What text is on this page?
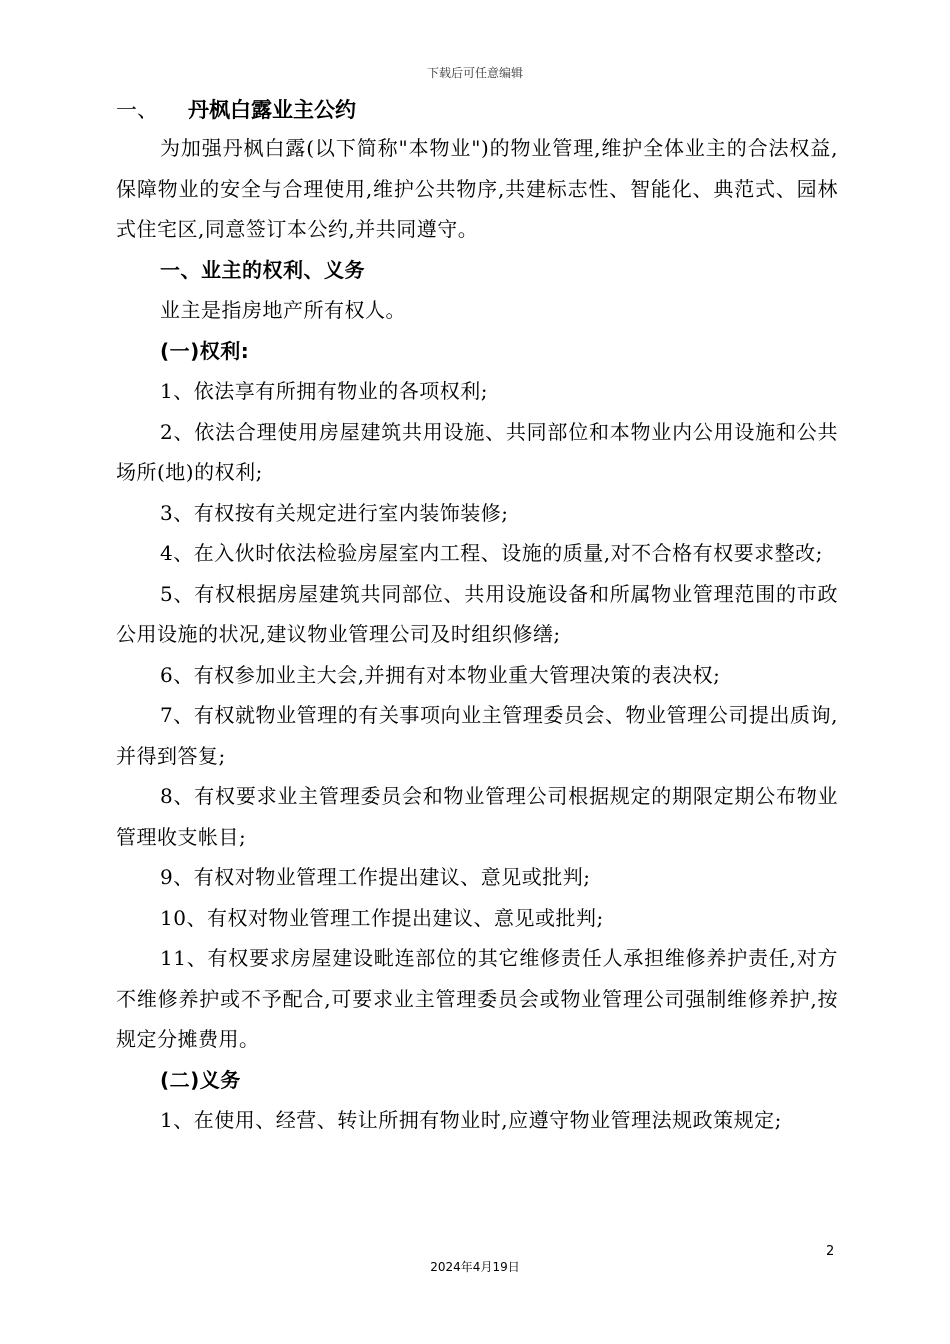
下载后可任意编辑
一、 丹枫白露业主公约

为加强丹枫白露(以下简称"本物业")的物业管理,维护全体业主的合法权益,保障物业的安全与合理使用,维护公共物序,共建标志性、智能化、典范式、园林式住宅区,同意签订本公约,并共同遵守。

一、业主的权利、义务

业主是指房地产所有权人。

(一)权利:

1、依法享有所拥有物业的各项权利;

2、依法合理使用房屋建筑共用设施、共同部位和本物业内公用设施和公共场所(地)的权利;

3、有权按有关规定进行室内装饰装修;

4、在入伙时依法检验房屋室内工程、设施的质量,对不合格有权要求整改;

5、有权根据房屋建筑共同部位、共用设施设备和所属物业管理范围的市政公用设施的状况,建议物业管理公司及时组织修缮;

6、有权参加业主大会,并拥有对本物业重大管理决策的表决权;

7、有权就物业管理的有关事项向业主管理委员会、物业管理公司提出质询,并得到答复;

8、有权要求业主管理委员会和物业管理公司根据规定的期限定期公布物业管理收支帐目;

9、有权对物业管理工作提出建议、意见或批判;

10、有权对物业管理工作提出建议、意见或批判;

11、有权要求房屋建设毗连部位的其它维修责任人承担维修养护责任,对方不维修养护或不予配合,可要求业主管理委员会或物业管理公司强制维修养护,按规定分摊费用。

(二)义务

1、在使用、经营、转让所拥有物业时,应遵守物业管理法规政策规定;

2
2024年4月19日
